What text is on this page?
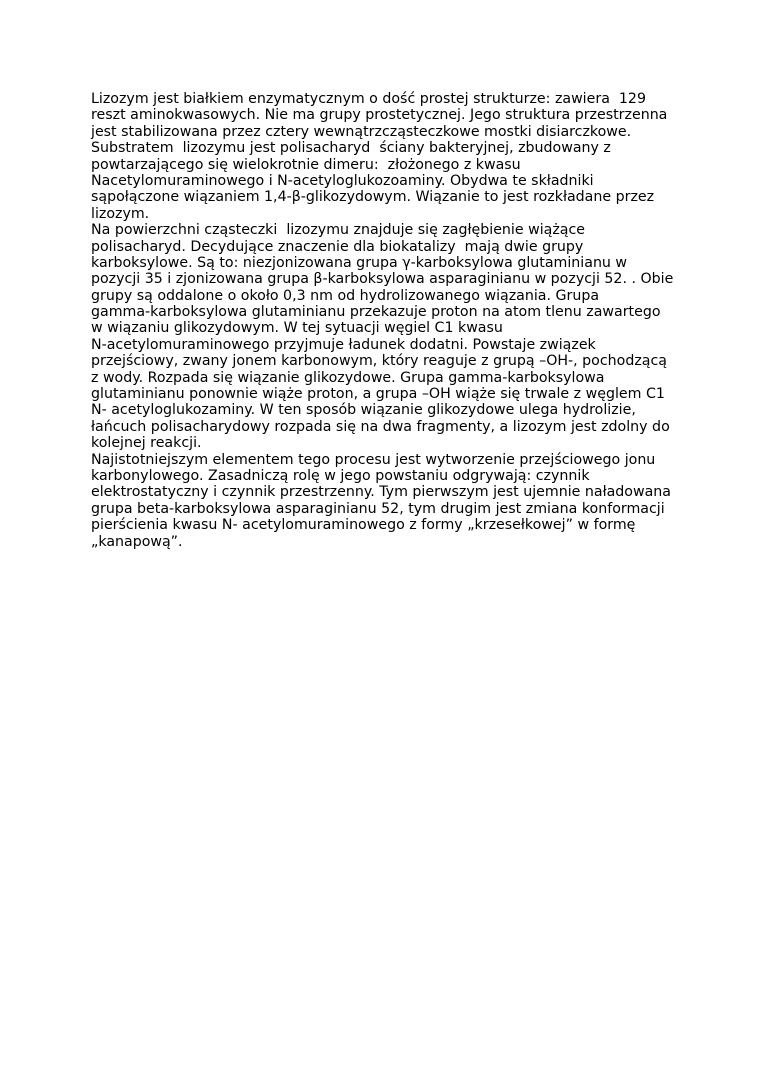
Lizozym jest białkiem enzymatycznym o dość prostej strukturze: zawiera  129
reszt aminokwasowych. Nie ma grupy prostetycznej. Jego struktura przestrzenna
jest stabilizowana przez cztery wewnątrzcząsteczkowe mostki disiarczkowe.
Substratem  lizozymu jest polisacharyd  ściany bakteryjnej, zbudowany z
powtarzającego się wielokrotnie dimeru:  złożonego z kwasu
Nacetylomuraminowego i N-acetyloglukozoaminy. Obydwa te składniki
sąpołączone wiązaniem 1,4-β-glikozydowym. Wiązanie to jest rozkładane przez
lizozym.
Na powierzchni cząsteczki  lizozymu znajduje się zagłębienie wiążące
polisacharyd. Decydujące znaczenie dla biokatalizy  mają dwie grupy
karboksylowe. Są to: niezjonizowana grupa γ-karboksylowa glutaminianu w
pozycji 35 i zjonizowana grupa β-karboksylowa asparaginianu w pozycji 52. . Obie
grupy są oddalone o około 0,3 nm od hydrolizowanego wiązania. Grupa
gamma-karboksylowa glutaminianu przekazuje proton na atom tlenu zawartego
w wiązaniu glikozydowym. W tej sytuacji węgiel C1 kwasu
N-acetylomuraminowego przyjmuje ładunek dodatni. Powstaje związek
przejściowy, zwany jonem karbonowym, który reaguje z grupą –OH-, pochodzącą
z wody. Rozpada się wiązanie glikozydowe. Grupa gamma-karboksylowa
glutaminianu ponownie wiąże proton, a grupa –OH wiąże się trwale z węglem C1
N- acetyloglukozaminy. W ten sposób wiązanie glikozydowe ulega hydrolizie,
łańcuch polisacharydowy rozpada się na dwa fragmenty, a lizozym jest zdolny do
kolejnej reakcji.
Najistotniejszym elementem tego procesu jest wytworzenie przejściowego jonu
karbonylowego. Zasadniczą rolę w jego powstaniu odgrywają: czynnik
elektrostatyczny i czynnik przestrzenny. Tym pierwszym jest ujemnie naładowana
grupa beta-karboksylowa asparaginianu 52, tym drugim jest zmiana konformacji
pierścienia kwasu N- acetylomuraminowego z formy „krzesełkowej” w formę
„kanapową”.
